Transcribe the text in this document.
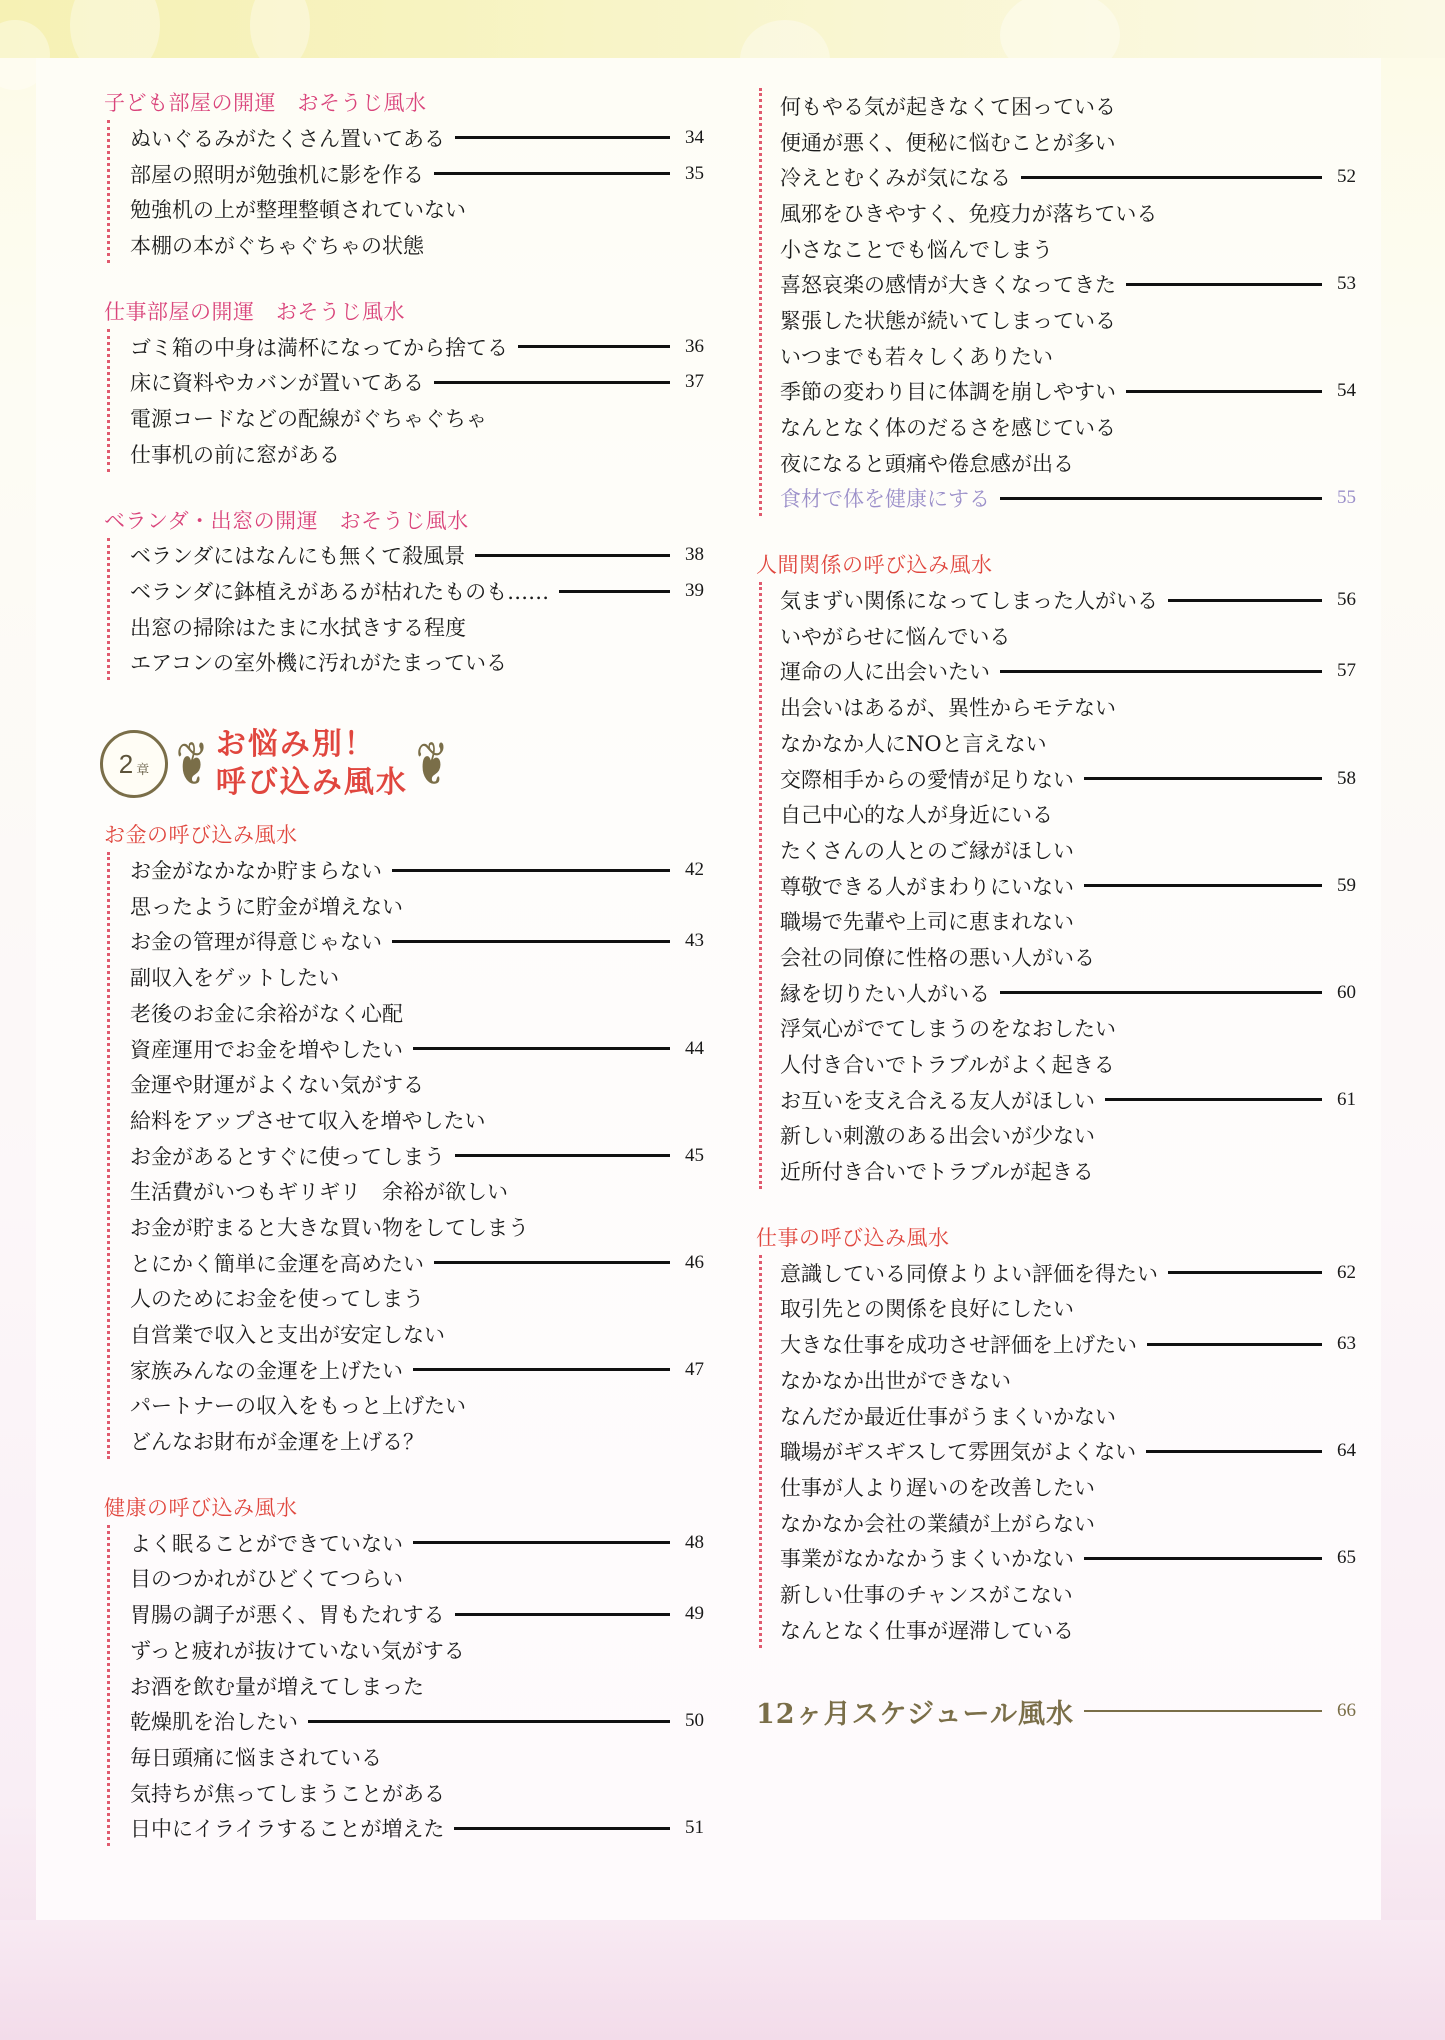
子ども部屋の開運　おそうじ風水
ぬいぐるみがたくさん置いてある	34
部屋の照明が勉強机に影を作る	35
勉強机の上が整理整頓されていない
本棚の本がぐちゃぐちゃの状態
仕事部屋の開運　おそうじ風水
ゴミ箱の中身は満杯になってから捨てる	36
床に資料やカバンが置いてある	37
電源コードなどの配線がぐちゃぐちゃ
仕事机の前に窓がある
ベランダ・出窓の開運　おそうじ風水
ベランダにはなんにも無くて殺風景	38
ベランダに鉢植えがあるが枯れたものも……	39
出窓の掃除はたまに水拭きする程度
エアコンの室外機に汚れがたまっている
2 章 ❦ お悩み別！
呼び込み風水 ❦
お金の呼び込み風水
お金がなかなか貯まらない	42
思ったように貯金が増えない
お金の管理が得意じゃない	43
副収入をゲットしたい
老後のお金に余裕がなく心配
資産運用でお金を増やしたい	44
金運や財運がよくない気がする
給料をアップさせて収入を増やしたい
お金があるとすぐに使ってしまう	45
生活費がいつもギリギリ　余裕が欲しい
お金が貯まると大きな買い物をしてしまう
とにかく簡単に金運を高めたい	46
人のためにお金を使ってしまう
自営業で収入と支出が安定しない
家族みんなの金運を上げたい	47
パートナーの収入をもっと上げたい
どんなお財布が金運を上げる？
健康の呼び込み風水
よく眠ることができていない	48
目のつかれがひどくてつらい
胃腸の調子が悪く、胃もたれする	49
ずっと疲れが抜けていない気がする
お酒を飲む量が増えてしまった
乾燥肌を治したい	50
毎日頭痛に悩まされている
気持ちが焦ってしまうことがある
日中にイライラすることが増えた	51
何もやる気が起きなくて困っている
便通が悪く、便秘に悩むことが多い
冷えとむくみが気になる	52
風邪をひきやすく、免疫力が落ちている
小さなことでも悩んでしまう
喜怒哀楽の感情が大きくなってきた	53
緊張した状態が続いてしまっている
いつまでも若々しくありたい
季節の変わり目に体調を崩しやすい	54
なんとなく体のだるさを感じている
夜になると頭痛や倦怠感が出る
食材で体を健康にする	55
人間関係の呼び込み風水
気まずい関係になってしまった人がいる	56
いやがらせに悩んでいる
運命の人に出会いたい	57
出会いはあるが、異性からモテない
なかなか人にNOと言えない
交際相手からの愛情が足りない	58
自己中心的な人が身近にいる
たくさんの人とのご縁がほしい
尊敬できる人がまわりにいない	59
職場で先輩や上司に恵まれない
会社の同僚に性格の悪い人がいる
縁を切りたい人がいる	60
浮気心がでてしまうのをなおしたい
人付き合いでトラブルがよく起きる
お互いを支え合える友人がほしい	61
新しい刺激のある出会いが少ない
近所付き合いでトラブルが起きる
仕事の呼び込み風水
意識している同僚よりよい評価を得たい	62
取引先との関係を良好にしたい
大きな仕事を成功させ評価を上げたい	63
なかなか出世ができない
なんだか最近仕事がうまくいかない
職場がギスギスして雰囲気がよくない	64
仕事が人より遅いのを改善したい
なかなか会社の業績が上がらない
事業がなかなかうまくいかない	65
新しい仕事のチャンスがこない
なんとなく仕事が遅滞している
12ヶ月スケジュール風水	66
